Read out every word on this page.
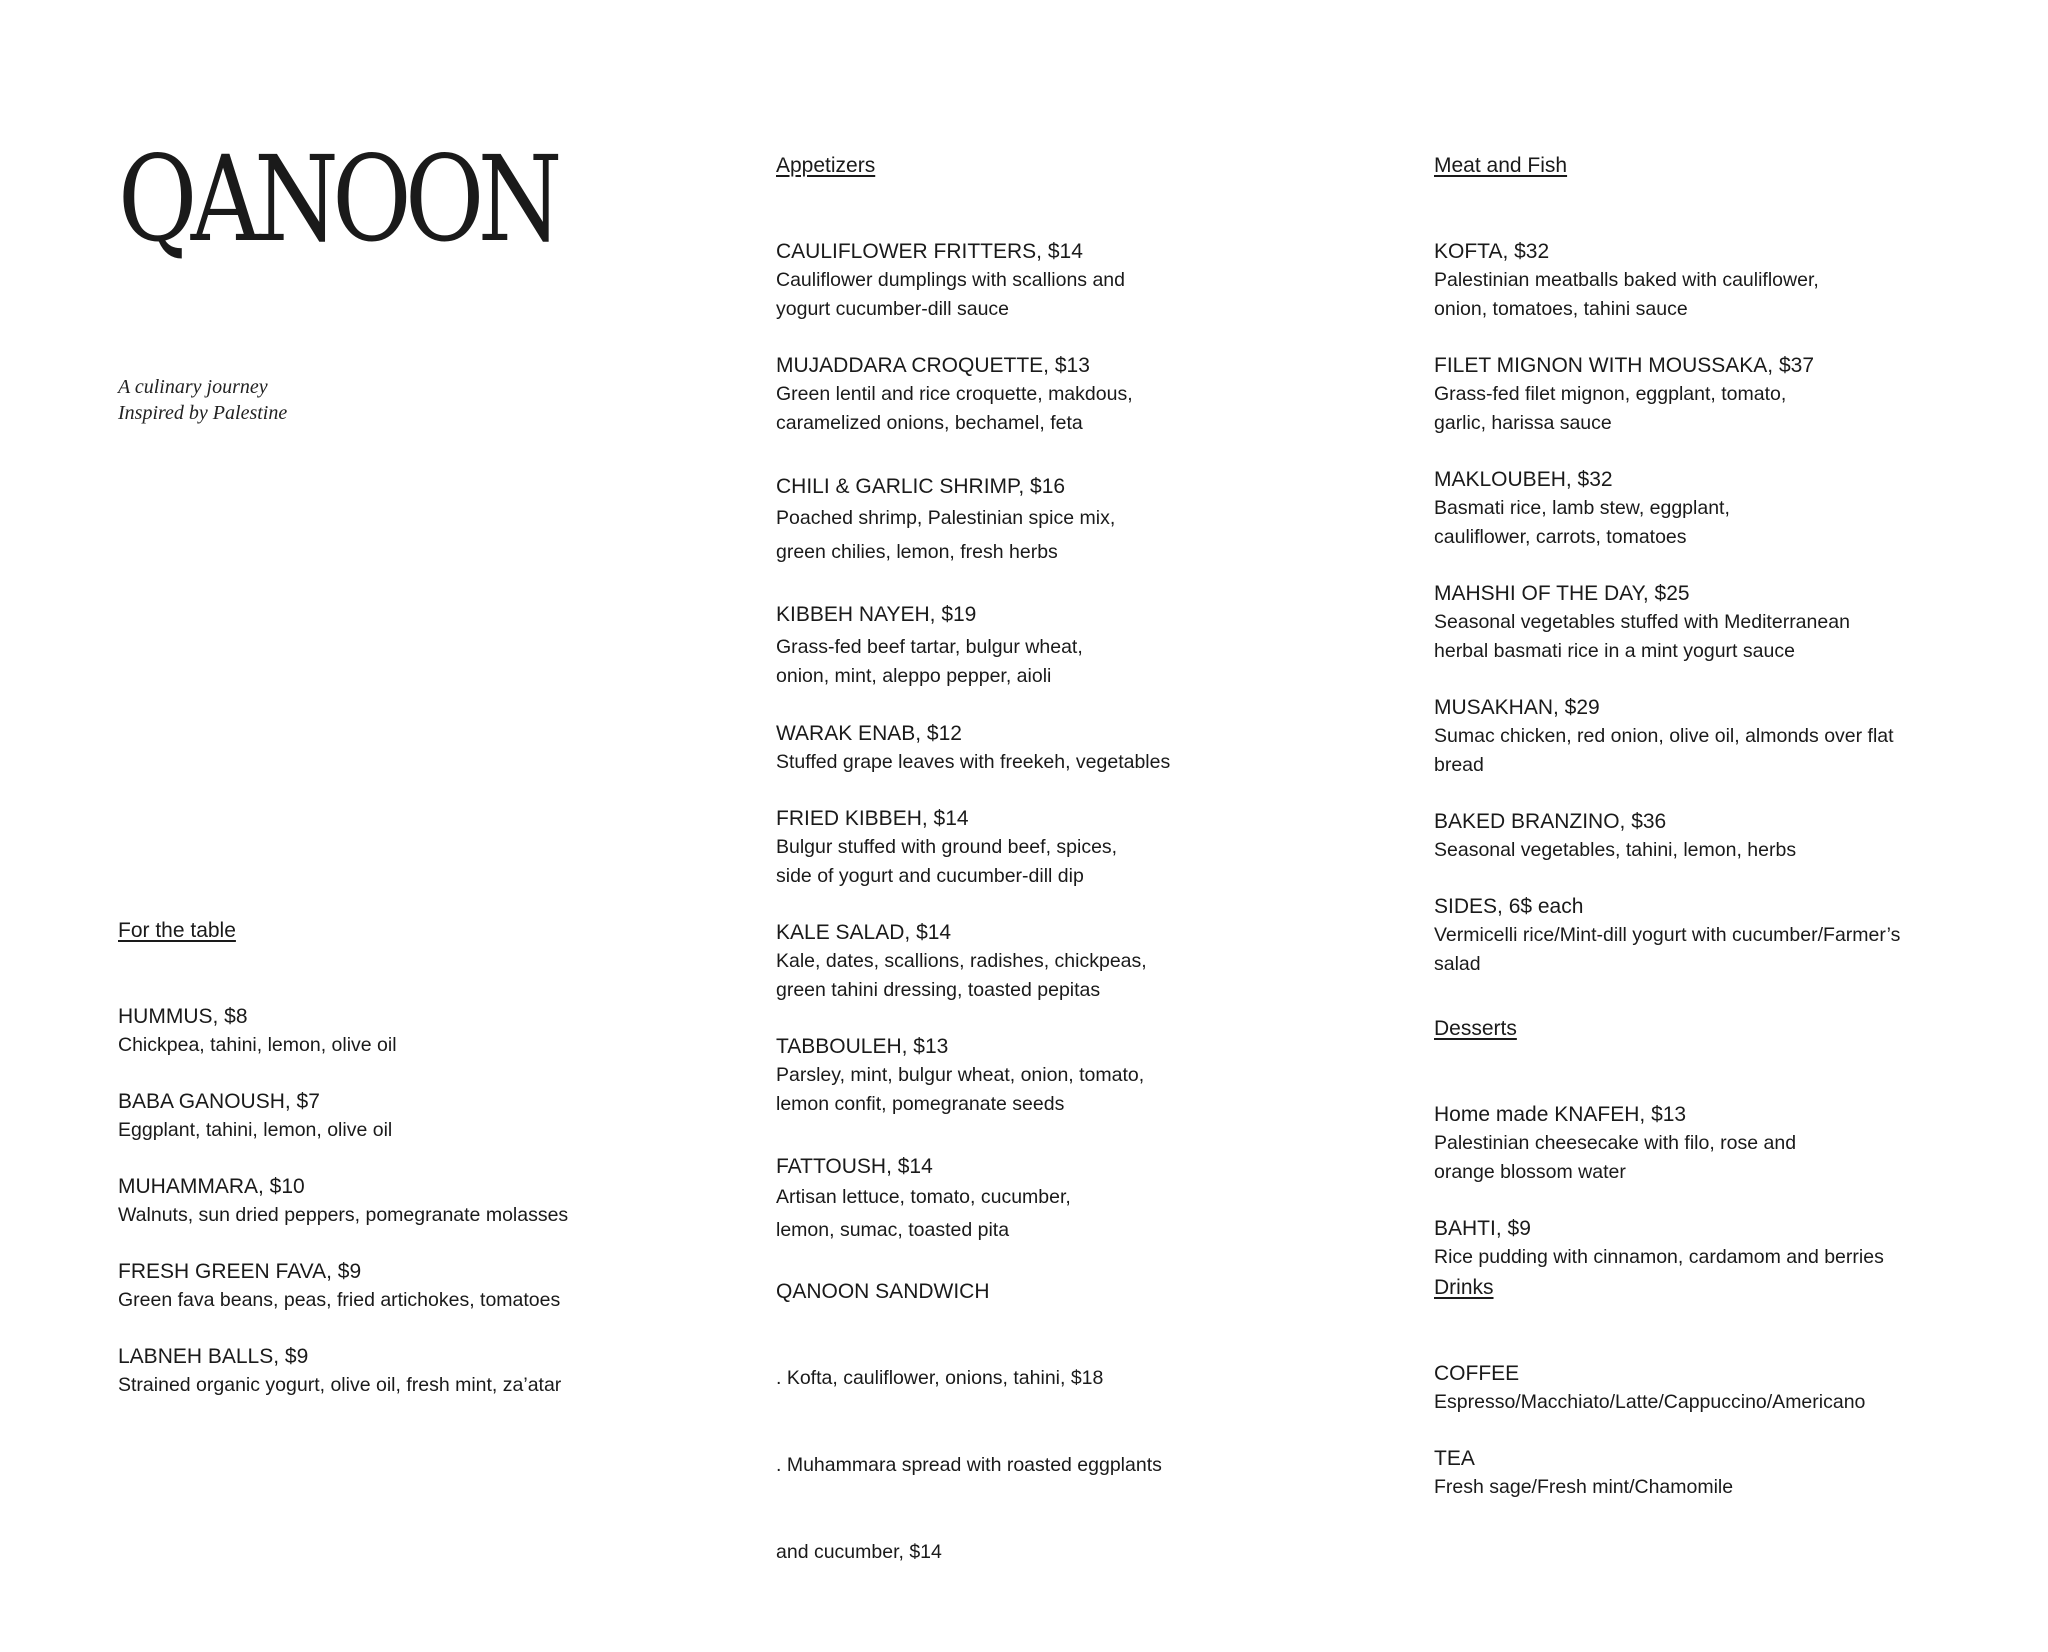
QANOON
A culinary journey
Inspired by Palestine
For the table
HUMMUS, $8
Chickpea, tahini, lemon, olive oil
BABA GANOUSH, $7
Eggplant, tahini, lemon, olive oil
MUHAMMARA, $10
Walnuts, sun dried peppers, pomegranate molasses
FRESH GREEN FAVA, $9
Green fava beans, peas, fried artichokes, tomatoes
LABNEH BALLS, $9
Strained organic yogurt, olive oil, fresh mint, za’atar
Appetizers
CAULIFLOWER FRITTERS, $14
Cauliflower dumplings with scallions and
yogurt cucumber-dill sauce
MUJADDARA CROQUETTE, $13
Green lentil and rice croquette, makdous,
caramelized onions, bechamel, feta
CHILI & GARLIC SHRIMP, $16
Poached shrimp, Palestinian spice mix,
green chilies, lemon, fresh herbs
KIBBEH NAYEH, $19
Grass-fed beef tartar, bulgur wheat,
onion, mint, aleppo pepper, aioli
WARAK ENAB, $12
Stuffed grape leaves with freekeh, vegetables
FRIED KIBBEH, $14
Bulgur stuffed with ground beef, spices,
side of yogurt and cucumber-dill dip
KALE SALAD, $14
Kale, dates, scallions, radishes, chickpeas,
green tahini dressing, toasted pepitas
TABBOULEH, $13
Parsley, mint, bulgur wheat, onion, tomato,
lemon confit, pomegranate seeds
FATTOUSH, $14
Artisan lettuce, tomato, cucumber,
lemon, sumac, toasted pita
QANOON SANDWICH

. Kofta, cauliflower, onions, tahini, $18

. Muhammara spread with roasted eggplants

and cucumber, $14

Meat and Fish
KOFTA, $32
Palestinian meatballs baked with cauliflower,
onion, tomatoes, tahini sauce
FILET MIGNON WITH MOUSSAKA, $37
Grass-fed filet mignon, eggplant, tomato,
garlic, harissa sauce
MAKLOUBEH, $32
Basmati rice, lamb stew, eggplant,
cauliflower, carrots, tomatoes
MAHSHI OF THE DAY, $25
Seasonal vegetables stuffed with Mediterranean
herbal basmati rice in a mint yogurt sauce
MUSAKHAN, $29
Sumac chicken, red onion, olive oil, almonds over flat
bread
BAKED BRANZINO, $36
Seasonal vegetables, tahini, lemon, herbs
SIDES, 6$ each
Vermicelli rice/Mint-dill yogurt with cucumber/Farmer’s
salad
Desserts
Home made KNAFEH, $13
Palestinian cheesecake with filo, rose and
orange blossom water
BAHTI, $9
Rice pudding with cinnamon, cardamom and berries
Drinks
COFFEE
Espresso/Macchiato/Latte/Cappuccino/Americano
TEA
Fresh sage/Fresh mint/Chamomile
